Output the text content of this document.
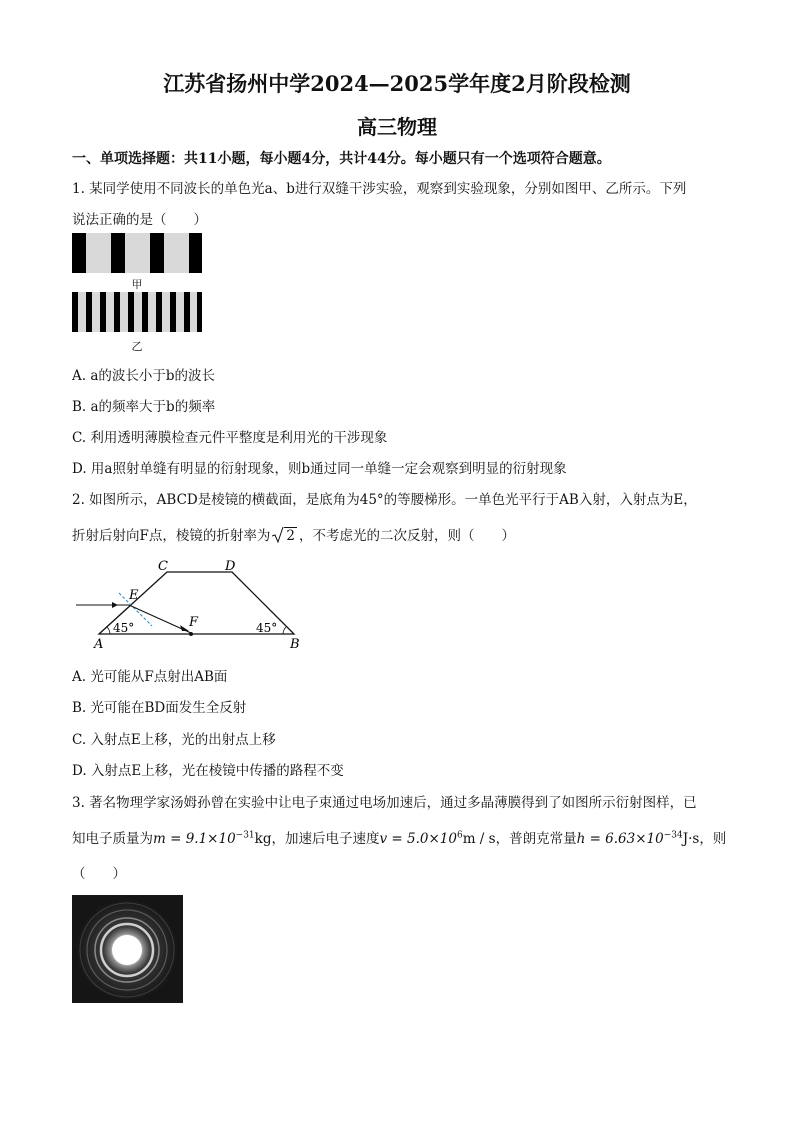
江苏省扬州中学2024—2025学年度2月阶段检测
高三物理
一、单项选择题：共11小题，每小题4分，共计44分。每小题只有一个选项符合题意。
1. 某同学使用不同波长的单色光a、b进行双缝干涉实验，观察到实验现象，分别如图甲、乙所示。下列
说法正确的是（　　）
甲
乙
A. a的波长小于b的波长
B. a的频率大于b的频率
C. 利用透明薄膜检查元件平整度是利用光的干涉现象
D. 用a照射单缝有明显的衍射现象，则b通过同一单缝一定会观察到明显的衍射现象
2. 如图所示，ABCD是棱镜的横截面，是底角为45°的等腰梯形。一单色光平行于AB入射，入射点为E，
折射后射向F点，棱镜的折射率为 2 ，不考虑光的二次反射，则（　　）
A	B
C	D
E
F
45°	45°
A. 光可能从F点射出AB面
B. 光可能在BD面发生全反射
C. 入射点E上移，光的出射点上移
D. 入射点E上移，光在棱镜中传播的路程不变
3. 著名物理学家汤姆孙曾在实验中让电子束通过电场加速后，通过多晶薄膜得到了如图所示衍射图样，已
知电子质量为$m = 9.1\times 10^{-31}kg$，加速后电子速度$v = 5.0\times 10^6m / s$，普朗克常量$h = 6.63\times 10^{-34}J\cdot s$，则
（　　）
